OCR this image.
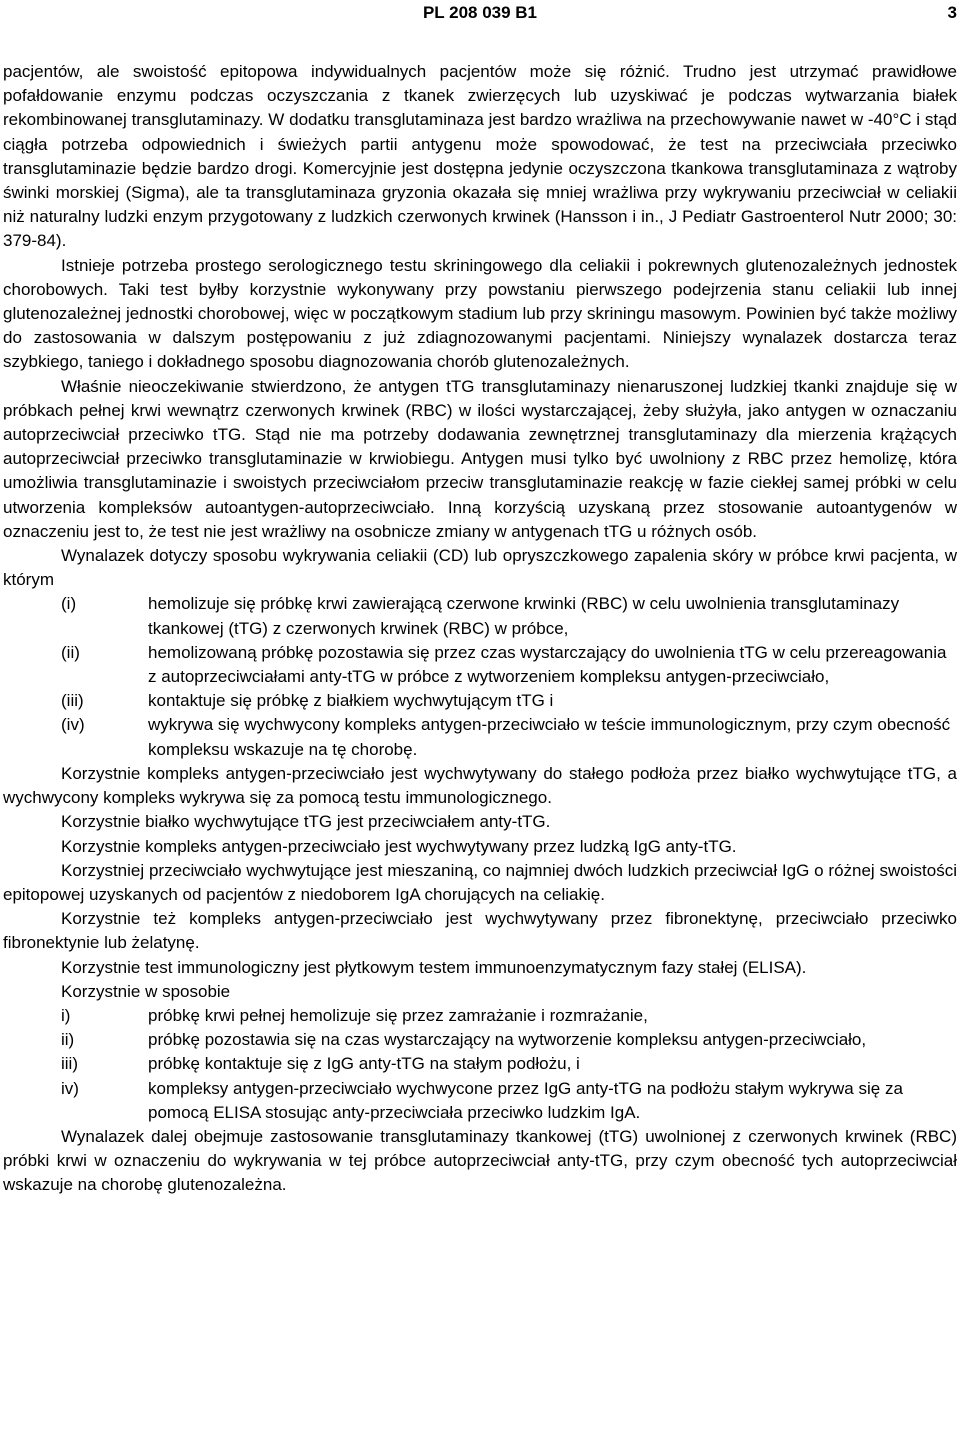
PL 208 039 B1	3

pacjentów, ale swoistość epitopowa indywidualnych pacjentów może się różnić. Trudno jest utrzymać prawidłowe pofałdowanie enzymu podczas oczyszczania z tkanek zwierzęcych lub uzyskiwać je podczas wytwarzania białek rekombinowanej transglutaminazy. W dodatku transglutaminaza jest bardzo wrażliwa na przechowywanie nawet w -40°C i stąd ciągła potrzeba odpowiednich i świeżych partii antygenu może spowodować, że test na przeciwciała przeciwko transglutaminazie będzie bardzo drogi. Komercyjnie jest dostępna jedynie oczyszczona tkankowa transglutaminaza z wątroby świnki morskiej (Sigma), ale ta transglutaminaza gryzonia okazała się mniej wrażliwa przy wykrywaniu przeciwciał w celiakii niż naturalny ludzki enzym przygotowany z ludzkich czerwonych krwinek (Hansson i in., J Pediatr Gastroenterol Nutr 2000; 30: 379-84).

Istnieje potrzeba prostego serologicznego testu skriningowego dla celiakii i pokrewnych glutenozależnych jednostek chorobowych. Taki test byłby korzystnie wykonywany przy powstaniu pierwszego podejrzenia stanu celiakii lub innej glutenozależnej jednostki chorobowej, więc w początkowym stadium lub przy skriningu masowym. Powinien być także możliwy do zastosowania w dalszym postępowaniu z już zdiagnozowanymi pacjentami. Niniejszy wynalazek dostarcza teraz szybkiego, taniego i dokładnego sposobu diagnozowania chorób glutenozależnych.

Właśnie nieoczekiwanie stwierdzono, że antygen tTG transglutaminazy nienaruszonej ludzkiej tkanki znajduje się w próbkach pełnej krwi wewnątrz czerwonych krwinek (RBC) w ilości wystarczającej, żeby służyła, jako antygen w oznaczaniu autoprzeciwciał przeciwko tTG. Stąd nie ma potrzeby dodawania zewnętrznej transglutaminazy dla mierzenia krążących autoprzeciwciał przeciwko transglutaminazie w krwiobiegu. Antygen musi tylko być uwolniony z RBC przez hemolizę, która umożliwia transglutaminazie i swoistych przeciwciałom przeciw transglutaminazie reakcję w fazie ciekłej samej próbki w celu utworzenia kompleksów autoantygen-autoprzeciwciało. Inną korzyścią uzyskaną przez stosowanie autoantygenów w oznaczeniu jest to, że test nie jest wrażliwy na osobnicze zmiany w antygenach tTG u różnych osób.

Wynalazek dotyczy sposobu wykrywania celiakii (CD) lub opryszczkowego zapalenia skóry w próbce krwi pacjenta, w którym

(i)	hemolizuje się próbkę krwi zawierającą czerwone krwinki (RBC) w celu uwolnienia transglutaminazy tkankowej (tTG) z czerwonych krwinek (RBC) w próbce,
(ii)	hemolizowaną próbkę pozostawia się przez czas wystarczający do uwolnienia tTG w celu przereagowania z autoprzeciwciałami anty-tTG w próbce z wytworzeniem kompleksu antygen-przeciwciało,
(iii)	kontaktuje się próbkę z białkiem wychwytującym tTG i
(iv)	wykrywa się wychwycony kompleks antygen-przeciwciało w teście immunologicznym, przy czym obecność kompleksu wskazuje na tę chorobę.

Korzystnie kompleks antygen-przeciwciało jest wychwytywany do stałego podłoża przez białko wychwytujące tTG, a wychwycony kompleks wykrywa się za pomocą testu immunologicznego.

Korzystnie białko wychwytujące tTG jest przeciwciałem anty-tTG.

Korzystnie kompleks antygen-przeciwciało jest wychwytywany przez ludzką IgG anty-tTG.

Korzystniej przeciwciało wychwytujące jest mieszaniną, co najmniej dwóch ludzkich przeciwciał IgG o różnej swoistości epitopowej uzyskanych od pacjentów z niedoborem IgA chorujących na celiakię.

Korzystnie też kompleks antygen-przeciwciało jest wychwytywany przez fibronektynę, przeciwciało przeciwko fibronektynie lub żelatynę.

Korzystnie test immunologiczny jest płytkowym testem immunoenzymatycznym fazy stałej (ELISA).

Korzystnie w sposobie

i)	próbkę krwi pełnej hemolizuje się przez zamrażanie i rozmrażanie,
ii)	próbkę pozostawia się na czas wystarczający na wytworzenie kompleksu antygen-przeciwciało,
iii)	próbkę kontaktuje się z IgG anty-tTG na stałym podłożu, i
iv)	kompleksy antygen-przeciwciało wychwycone przez IgG anty-tTG na podłożu stałym wykrywa się za pomocą ELISA stosując anty-przeciwciała przeciwko ludzkim IgA.

Wynalazek dalej obejmuje zastosowanie transglutaminazy tkankowej (tTG) uwolnionej z czerwonych krwinek (RBC) próbki krwi w oznaczeniu do wykrywania w tej próbce autoprzeciwciał anty-tTG, przy czym obecność tych autoprzeciwciał wskazuje na chorobę glutenozależna.
